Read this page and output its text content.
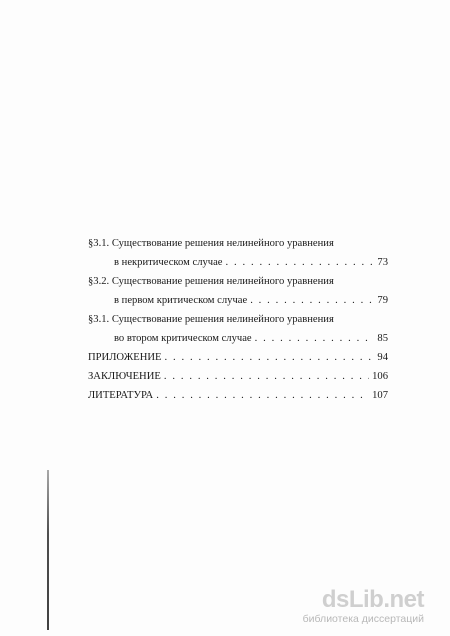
§3.1. Существование решения нелинейного уравнения
в некритическом случае . . .	73
§3.2. Существование решения нелинейного уравнения
в первом критическом случае . . .	79
§3.1. Существование решения нелинейного уравнения
во втором критическом случае . . .	85
ПРИЛОЖЕНИЕ . . .	94
ЗАКЛЮЧЕНИЕ . . .	106
ЛИТЕРАТУРА . . .	107
dsLib.net
библиотека диссертаций
